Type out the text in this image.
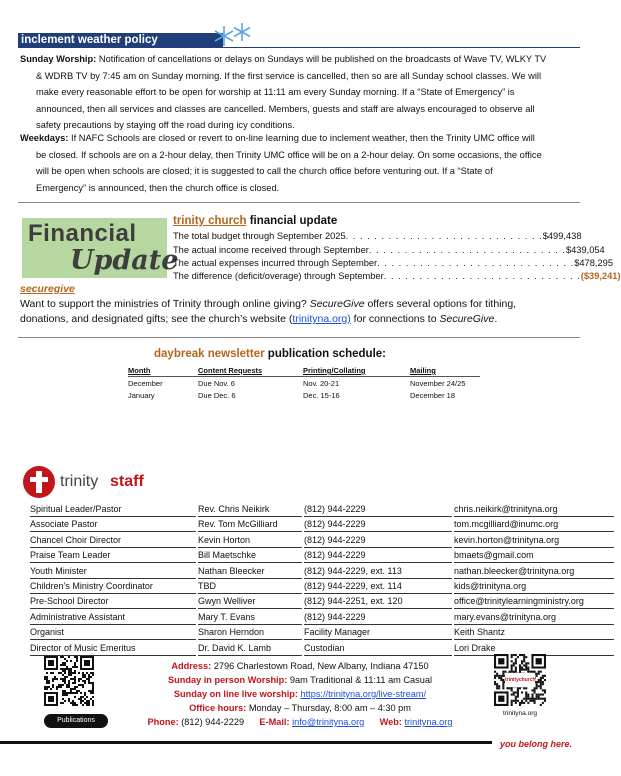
inclement weather policy
Sunday Worship: Notification of cancellations or delays on Sundays will be published on the broadcasts of Wave TV, WLKY TV
& WDRB TV by 7:45 am on Sunday morning. If the first service is cancelled, then so are all Sunday school classes. We will
make every reasonable effort to be open for worship at 11:11 am every Sunday morning. If a “State of Emergency” is
announced, then all services and classes are cancelled. Members, guests and staff are always encouraged to observe all
safety precautions by staying off the road during icy conditions.
Weekdays: If NAFC Schools are closed or revert to on-line learning due to inclement weather, then the Trinity UMC office will
be closed. If schools are on a 2-hour delay, then Trinity UMC office will be on a 2-hour delay. On some occasions, the office
will be open when schools are closed; it is suggested to call the church office before venturing out. If a “State of
Emergency” is announced, then the church office is closed.
Financial
Update
trinity church financial update
The total budget through September 2025 . . . . . . . . . . . . . . . . . . . . . . . . . . . . $499,438
The actual income received through September . . . . . . . . . . . . . . . . . . . . . . . . . . . . $439,054
The actual expenses incurred through September . . . . . . . . . . . . . . . . . . . . . . . . . . . . $478,295
The difference (deficit/overage) through September . . . . . . . . . . . . . . . . . . . . . . . . . . . . ($39,241)
securegive
Want to support the ministries of Trinity through online giving? SecureGive offers several options for tithing,
donations, and designated gifts; see the church’s website (trinityna.org) for connections to SecureGive.
daybreak newsletter publication schedule:
Month	Content Requests	Printing/Collating	Mailing
December	Due Nov. 6	Nov. 20-21	November 24/25
January	Due Dec. 6	Dec. 15-16	December 18
trinity staff
Spiritual Leader/Pastor	Rev. Chris Neikirk	(812) 944-2229	chris.neikirk@trinityna.org
Associate Pastor	Rev. Tom McGilliard	(812) 944-2229	tom.mcgilliard@inumc.org
Chancel Choir Director	Kevin Horton	(812) 944-2229	kevin.horton@trinityna.org
Praise Team Leader	Bill Maetschke	(812) 944-2229	bmaets@gmail.com
Youth Minister	Nathan Bleecker	(812) 944-2229, ext. 113	nathan.bleecker@trinityna.org
Children’s Ministry Coordinator	TBD	(812) 944-2229, ext. 114	kids@trinityna.org
Pre-School Director	Gwyn Welliver	(812) 944-2251, ext. 120	office@trinitylearningministry.org
Administrative Assistant	Mary T. Evans	(812) 944-2229	mary.evans@trinityna.org
Organist	Sharon Herndon	Facility Manager	Keith Shantz
Director of Music Emeritus	Dr. David K. Lamb	Custodian	Lori Drake
Publications
Address: 2796 Charlestown Road, New Albany, Indiana 47150
Sunday in person Worship: 9am Traditional & 11:11 am Casual
Sunday on line live worship: https://trinityna.org/live-stream/
Office hours: Monday – Thursday, 8:00 am – 4:30 pm
Phone: (812) 944-2229 E-Mail: info@trinityna.org Web: trinityna.org
trinitychurch
trinityna.org
you belong here.
